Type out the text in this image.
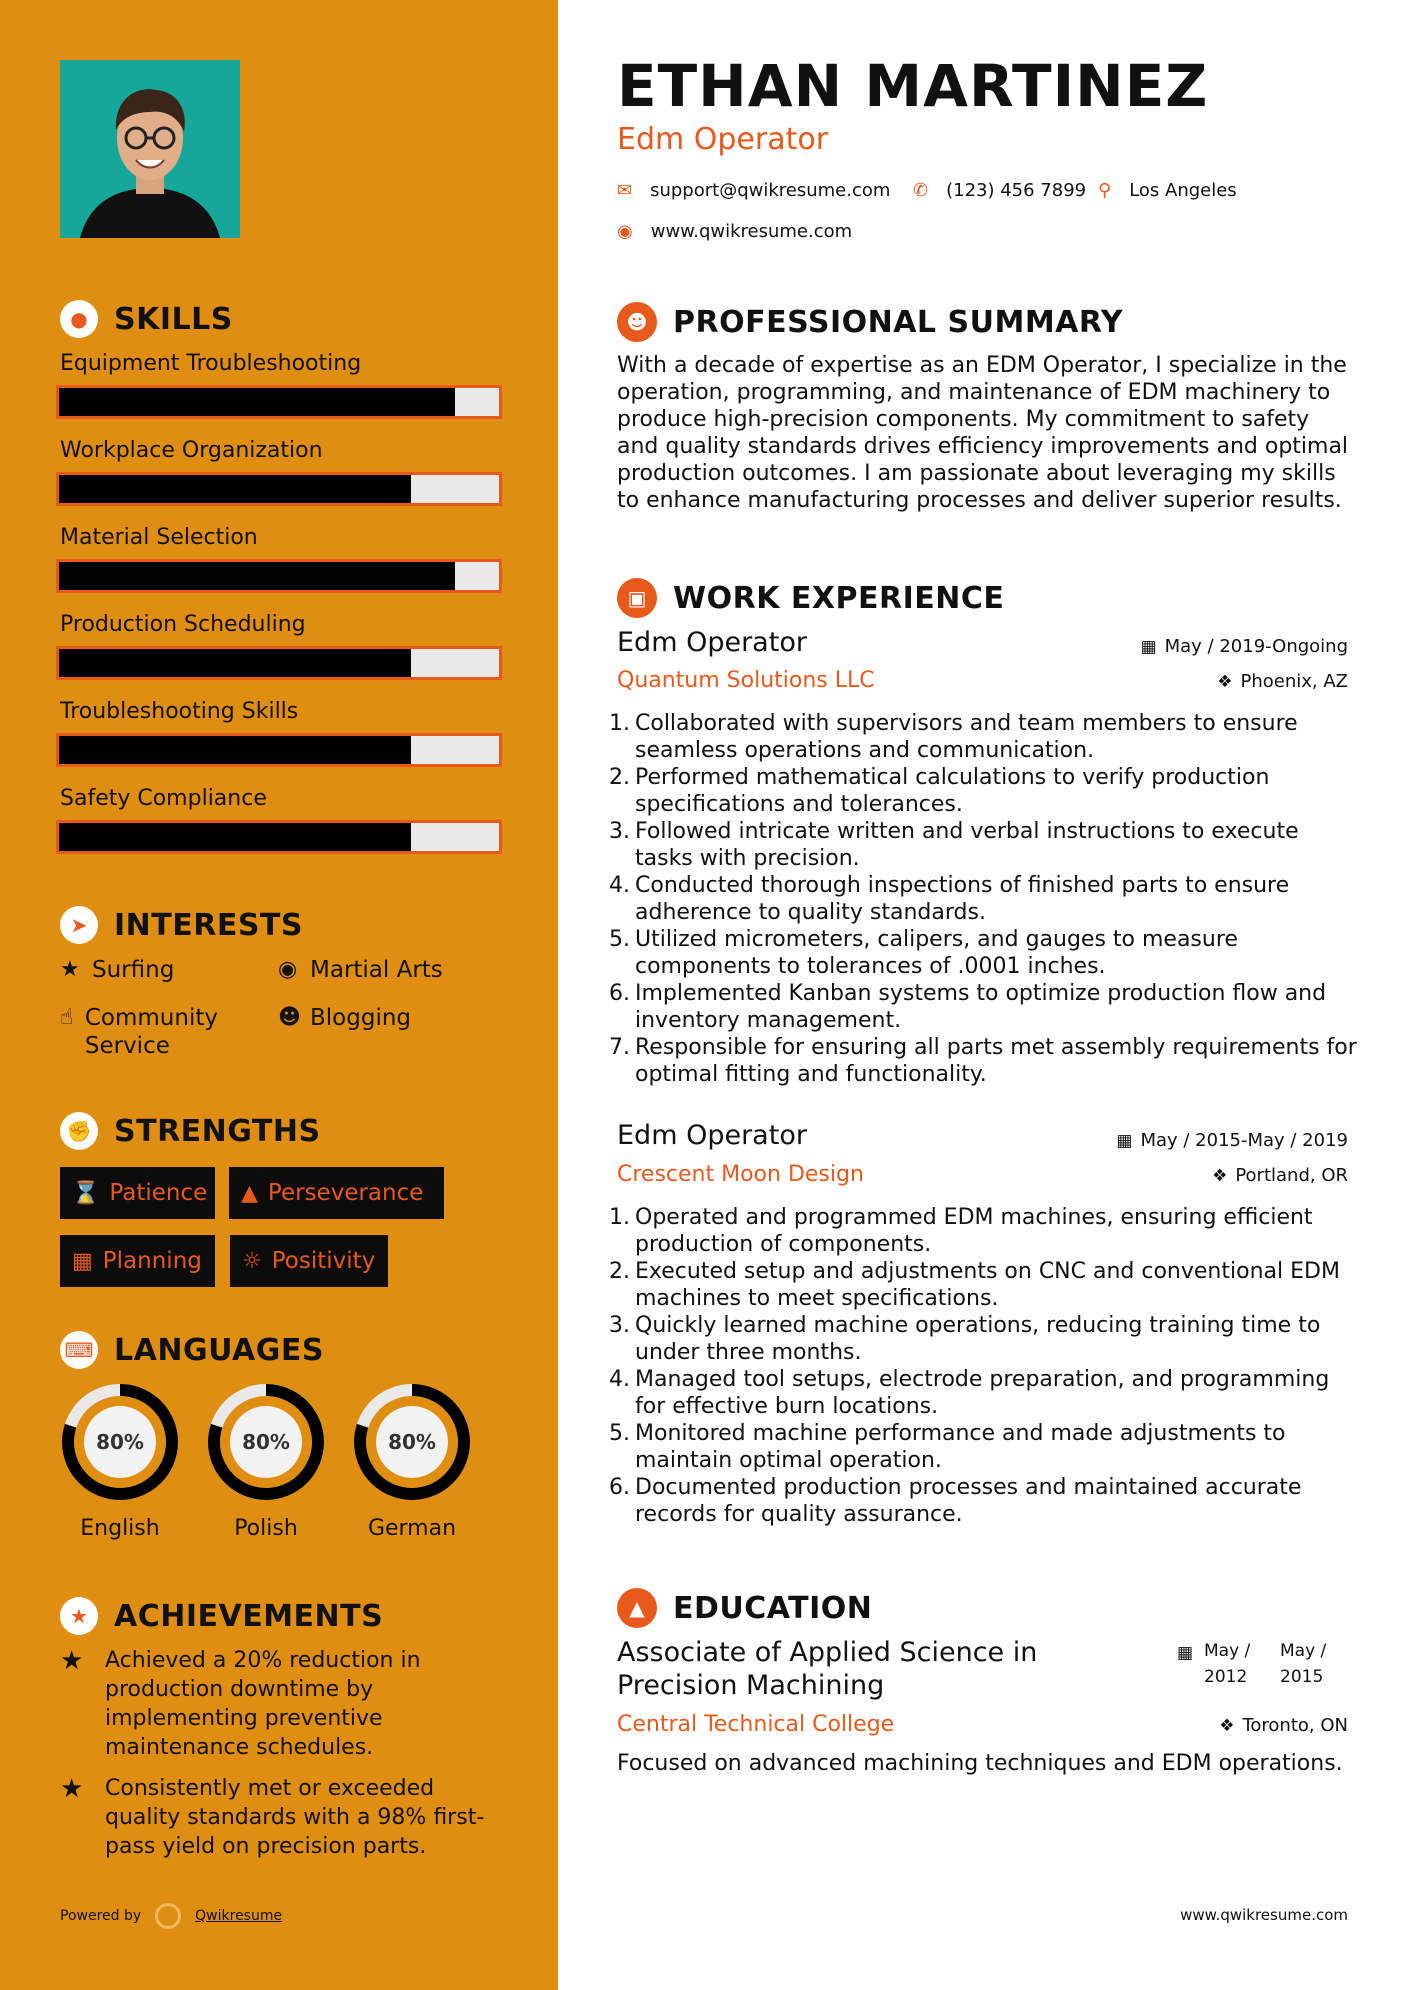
● SKILLS
Equipment Troubleshooting
Workplace Organization
Material Selection
Production Scheduling
Troubleshooting Skills
Safety Compliance
➤ INTERESTS
★ Surfing	◉ Martial Arts
☝ Community Service
☻ Blogging
✊ STRENGTHS
⌛ Patience ▲ Perseverance
▦ Planning ☼ Positivity
⌨ LANGUAGES
80%	80%	80%
English	Polish	German
★ ACHIEVEMENTS
★ Achieved a 20% reduction in production downtime by implementing preventive maintenance schedules.
★ Consistently met or exceeded quality standards with a 98% first-pass yield on precision parts.
Powered by	Qwikresume
ETHAN MARTINEZ
Edm Operator
✉ support@qwikresume.com ✆ (123) 456 7899 ⚲ Los Angeles
◉ www.qwikresume.com
☻ PROFESSIONAL SUMMARY
With a decade of expertise as an EDM Operator, I specialize in the operation, programming, and maintenance of EDM machinery to produce high-precision components. My commitment to safety and quality standards drives efficiency improvements and optimal production outcomes. I am passionate about leveraging my skills to enhance manufacturing processes and deliver superior results.
▣ WORK EXPERIENCE
Edm Operator	▦ May / 2019-Ongoing
Quantum Solutions LLC	❖ Phoenix, AZ
Collaborated with supervisors and team members to ensure seamless operations and communication.
Performed mathematical calculations to verify production specifications and tolerances.
Followed intricate written and verbal instructions to execute tasks with precision.
Conducted thorough inspections of finished parts to ensure adherence to quality standards.
Utilized micrometers, calipers, and gauges to measure components to tolerances of .0001 inches.
Implemented Kanban systems to optimize production flow and inventory management.
Responsible for ensuring all parts met assembly requirements for optimal fitting and functionality.
Edm Operator	▦ May / 2015-May / 2019
Crescent Moon Design	❖ Portland, OR
Operated and programmed EDM machines, ensuring efficient production of components.
Executed setup and adjustments on CNC and conventional EDM machines to meet specifications.
Quickly learned machine operations, reducing training time to under three months.
Managed tool setups, electrode preparation, and programming for effective burn locations.
Monitored machine performance and made adjustments to maintain optimal operation.
Documented production processes and maintained accurate records for quality assurance.
▲ EDUCATION
Associate of Applied Science in Precision Machining
▦ May / 2012
May / 2015
Central Technical College	❖ Toronto, ON
Focused on advanced machining techniques and EDM operations.
www.qwikresume.com
